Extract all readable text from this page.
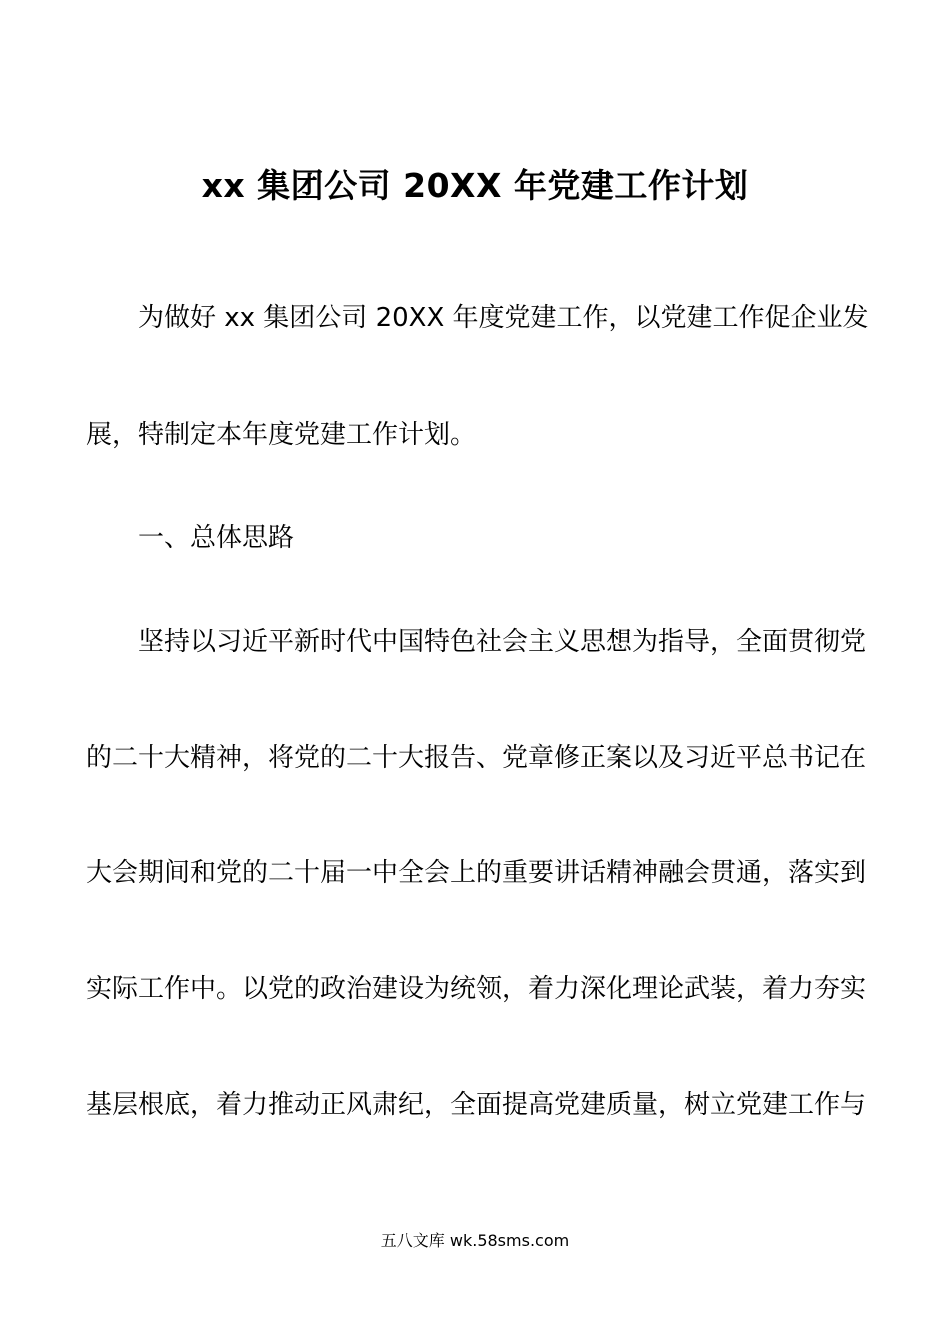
xx 集团公司 20XX 年党建工作计划
为做好 xx 集团公司 20XX 年度党建工作，以党建工作促企业发
展，特制定本年度党建工作计划。
一、总体思路
坚持以习近平新时代中国特色社会主义思想为指导，全面贯彻党
的二十大精神，将党的二十大报告、党章修正案以及习近平总书记在
大会期间和党的二十届一中全会上的重要讲话精神融会贯通，落实到
实际工作中。以党的政治建设为统领，着力深化理论武装，着力夯实
基层根底，着力推动正风肃纪，全面提高党建质量，树立党建工作与
五八文库 wk.58sms.com
